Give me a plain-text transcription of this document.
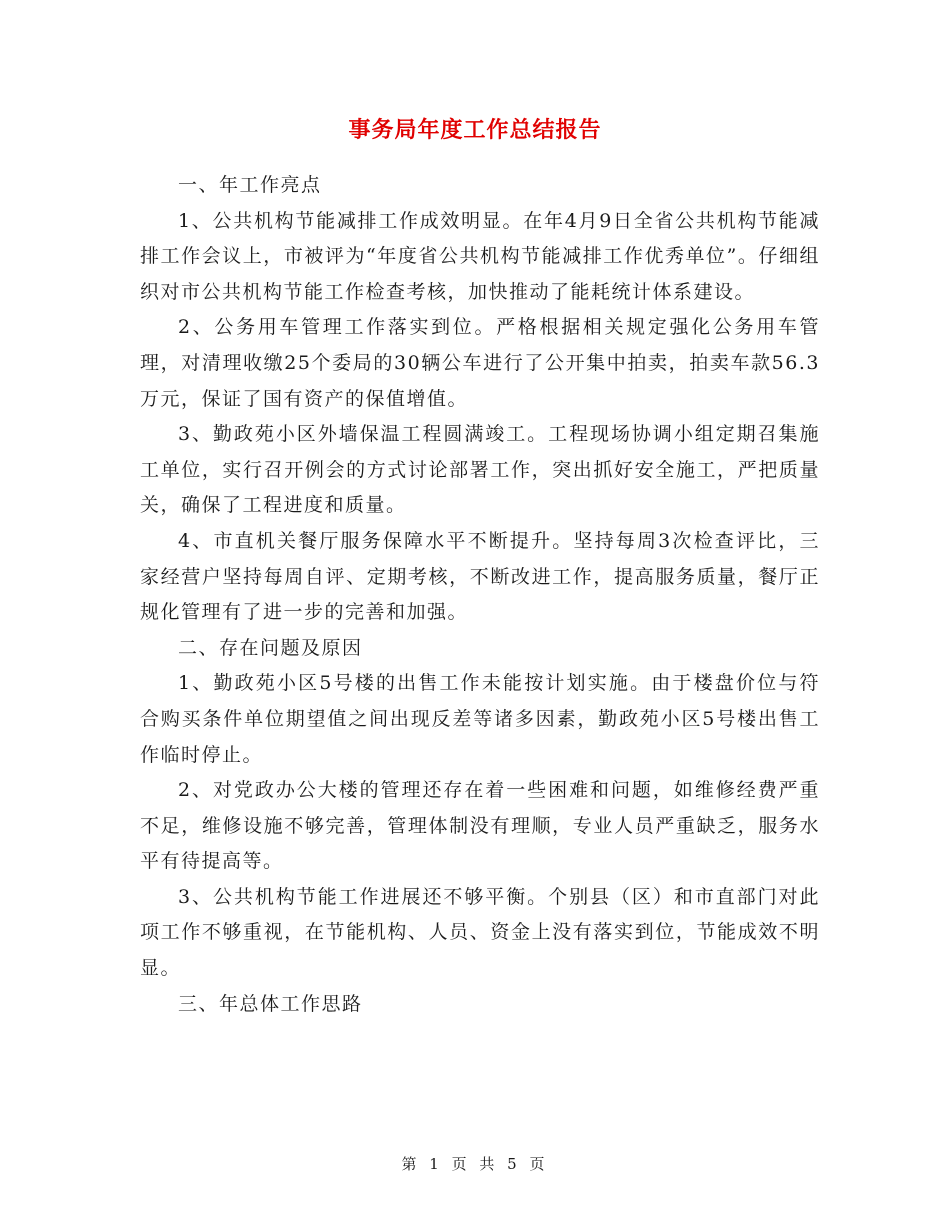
事务局年度工作总结报告

一、年工作亮点

1、公共机构节能减排工作成效明显。在年4月9日全省公共机构节能减排工作会议上，市被评为“年度省公共机构节能减排工作优秀单位”。仔细组织对市公共机构节能工作检查考核，加快推动了能耗统计体系建设。

2、公务用车管理工作落实到位。严格根据相关规定强化公务用车管理，对清理收缴25个委局的30辆公车进行了公开集中拍卖，拍卖车款56.3万元，保证了国有资产的保值增值。

3、勤政苑小区外墙保温工程圆满竣工。工程现场协调小组定期召集施工单位，实行召开例会的方式讨论部署工作，突出抓好安全施工，严把质量关，确保了工程进度和质量。

4、市直机关餐厅服务保障水平不断提升。坚持每周3次检查评比，三家经营户坚持每周自评、定期考核，不断改进工作，提高服务质量，餐厅正规化管理有了进一步的完善和加强。

二、存在问题及原因

1、勤政苑小区5号楼的出售工作未能按计划实施。由于楼盘价位与符合购买条件单位期望值之间出现反差等诸多因素，勤政苑小区5号楼出售工作临时停止。

2、对党政办公大楼的管理还存在着一些困难和问题，如维修经费严重不足，维修设施不够完善，管理体制没有理顺，专业人员严重缺乏，服务水平有待提高等。

3、公共机构节能工作进展还不够平衡。个别县（区）和市直部门对此项工作不够重视，在节能机构、人员、资金上没有落实到位，节能成效不明显。

三、年总体工作思路

第 1 页 共 5 页
